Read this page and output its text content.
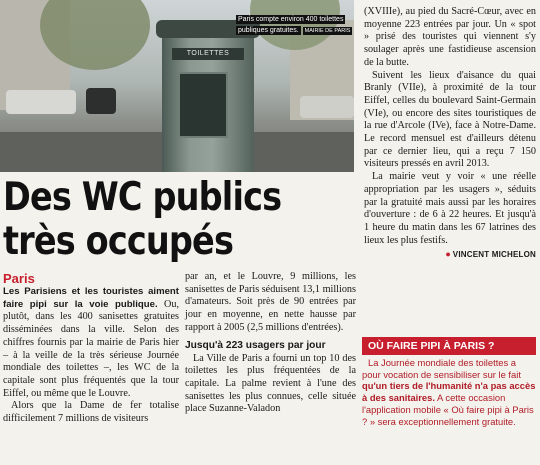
TOILETTES
Paris compte environ 400 toilettes publiques gratuites. MAIRIE DE PARIS
Des WC publics
très occupés
Paris

Les Parisiens et les touristes aiment faire pipi sur la voie publique. Ou, plutôt, dans les 400 sanisettes gratuites disséminées dans la ville. Selon des chiffres fournis par la mairie de Paris hier – à la veille de la très sérieuse Journée mondiale des toilettes –, les WC de la capitale sont plus fréquentés que la tour Eiffel, ou même que le Louvre.

Alors que la Dame de fer totalise difficilement 7 millions de visiteurs

par an, et le Louvre, 9 millions, les sanisettes de Paris séduisent 13,1 millions d'amateurs. Soit près de 90 entrées par jour en moyenne, en nette hausse par rapport à 2005 (2,5 millions d'entrées).

Jusqu'à 223 usagers par jour

La Ville de Paris a fourni un top 10 des toilettes les plus fréquentées de la capitale. La palme revient à l'une des sanisettes les plus connues, celle située place Suzanne-Valadon

(XVIIIe), au pied du Sacré-Cœur, avec en moyenne 223 entrées par jour. Un « spot » prisé des touristes qui viennent s'y soulager après une fastidieuse ascension de la butte.

Suivent les lieux d'aisance du quai Branly (VIIe), à proximité de la tour Eiffel, celles du boulevard Saint-Germain (VIe), ou encore des sites touristiques de la rue d'Arcole (IVe), face à Notre-Dame. Le record mensuel est d'ailleurs détenu par ce dernier lieu, qui a reçu 7 150 visiteurs pressés en avril 2013.

La mairie veut y voir « une réelle appropriation par les usagers », séduits par la gratuité mais aussi par les horaires d'ouverture : de 6 à 22 heures. Et jusqu'à 1 heure du matin dans les 67 latrines des lieux les plus festifs.

● VINCENT MICHELON
OÙ FAIRE PIPI À PARIS ?

La Journée mondiale des toilettes a pour vocation de sensibiliser sur le fait qu'un tiers de l'humanité n'a pas accès à des sanitaires. A cette occasion l'application mobile « Où faire pipi à Paris ? » sera exceptionnellement gratuite.
